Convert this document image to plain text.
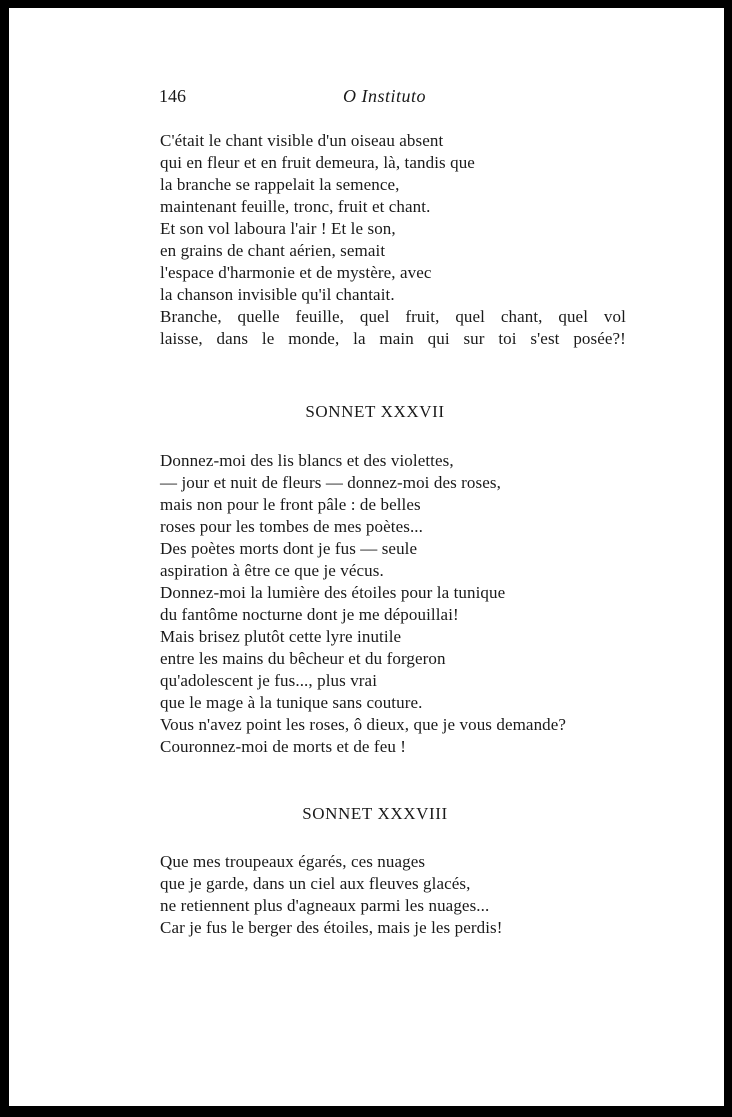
146	O Instituto
C'était le chant visible d'un oiseau absent
qui en fleur et en fruit demeura, là, tandis que
la branche se rappelait la semence,
maintenant feuille, tronc, fruit et chant.
Et son vol laboura l'air ! Et le son,
en grains de chant aérien, semait
l'espace d'harmonie et de mystère, avec
la chanson invisible qu'il chantait.
Branche, quelle feuille, quel fruit, quel chant, quel vol
laisse, dans le monde, la main qui sur toi s'est posée?!
SONNET XXXVII
Donnez-moi des lis blancs et des violettes,
— jour et nuit de fleurs — donnez-moi des roses,
mais non pour le front pâle : de belles
roses pour les tombes de mes poètes...
Des poètes morts dont je fus — seule
aspiration à être ce que je vécus.
Donnez-moi la lumière des étoiles pour la tunique
du fantôme nocturne dont je me dépouillai!
Mais brisez plutôt cette lyre inutile
entre les mains du bêcheur et du forgeron
qu'adolescent je fus..., plus vrai
que le mage à la tunique sans couture.
Vous n'avez point les roses, ô dieux, que je vous demande?
Couronnez-moi de morts et de feu !
SONNET XXXVIII
Que mes troupeaux égarés, ces nuages
que je garde, dans un ciel aux fleuves glacés,
ne retiennent plus d'agneaux parmi les nuages...
Car je fus le berger des étoiles, mais je les perdis!
